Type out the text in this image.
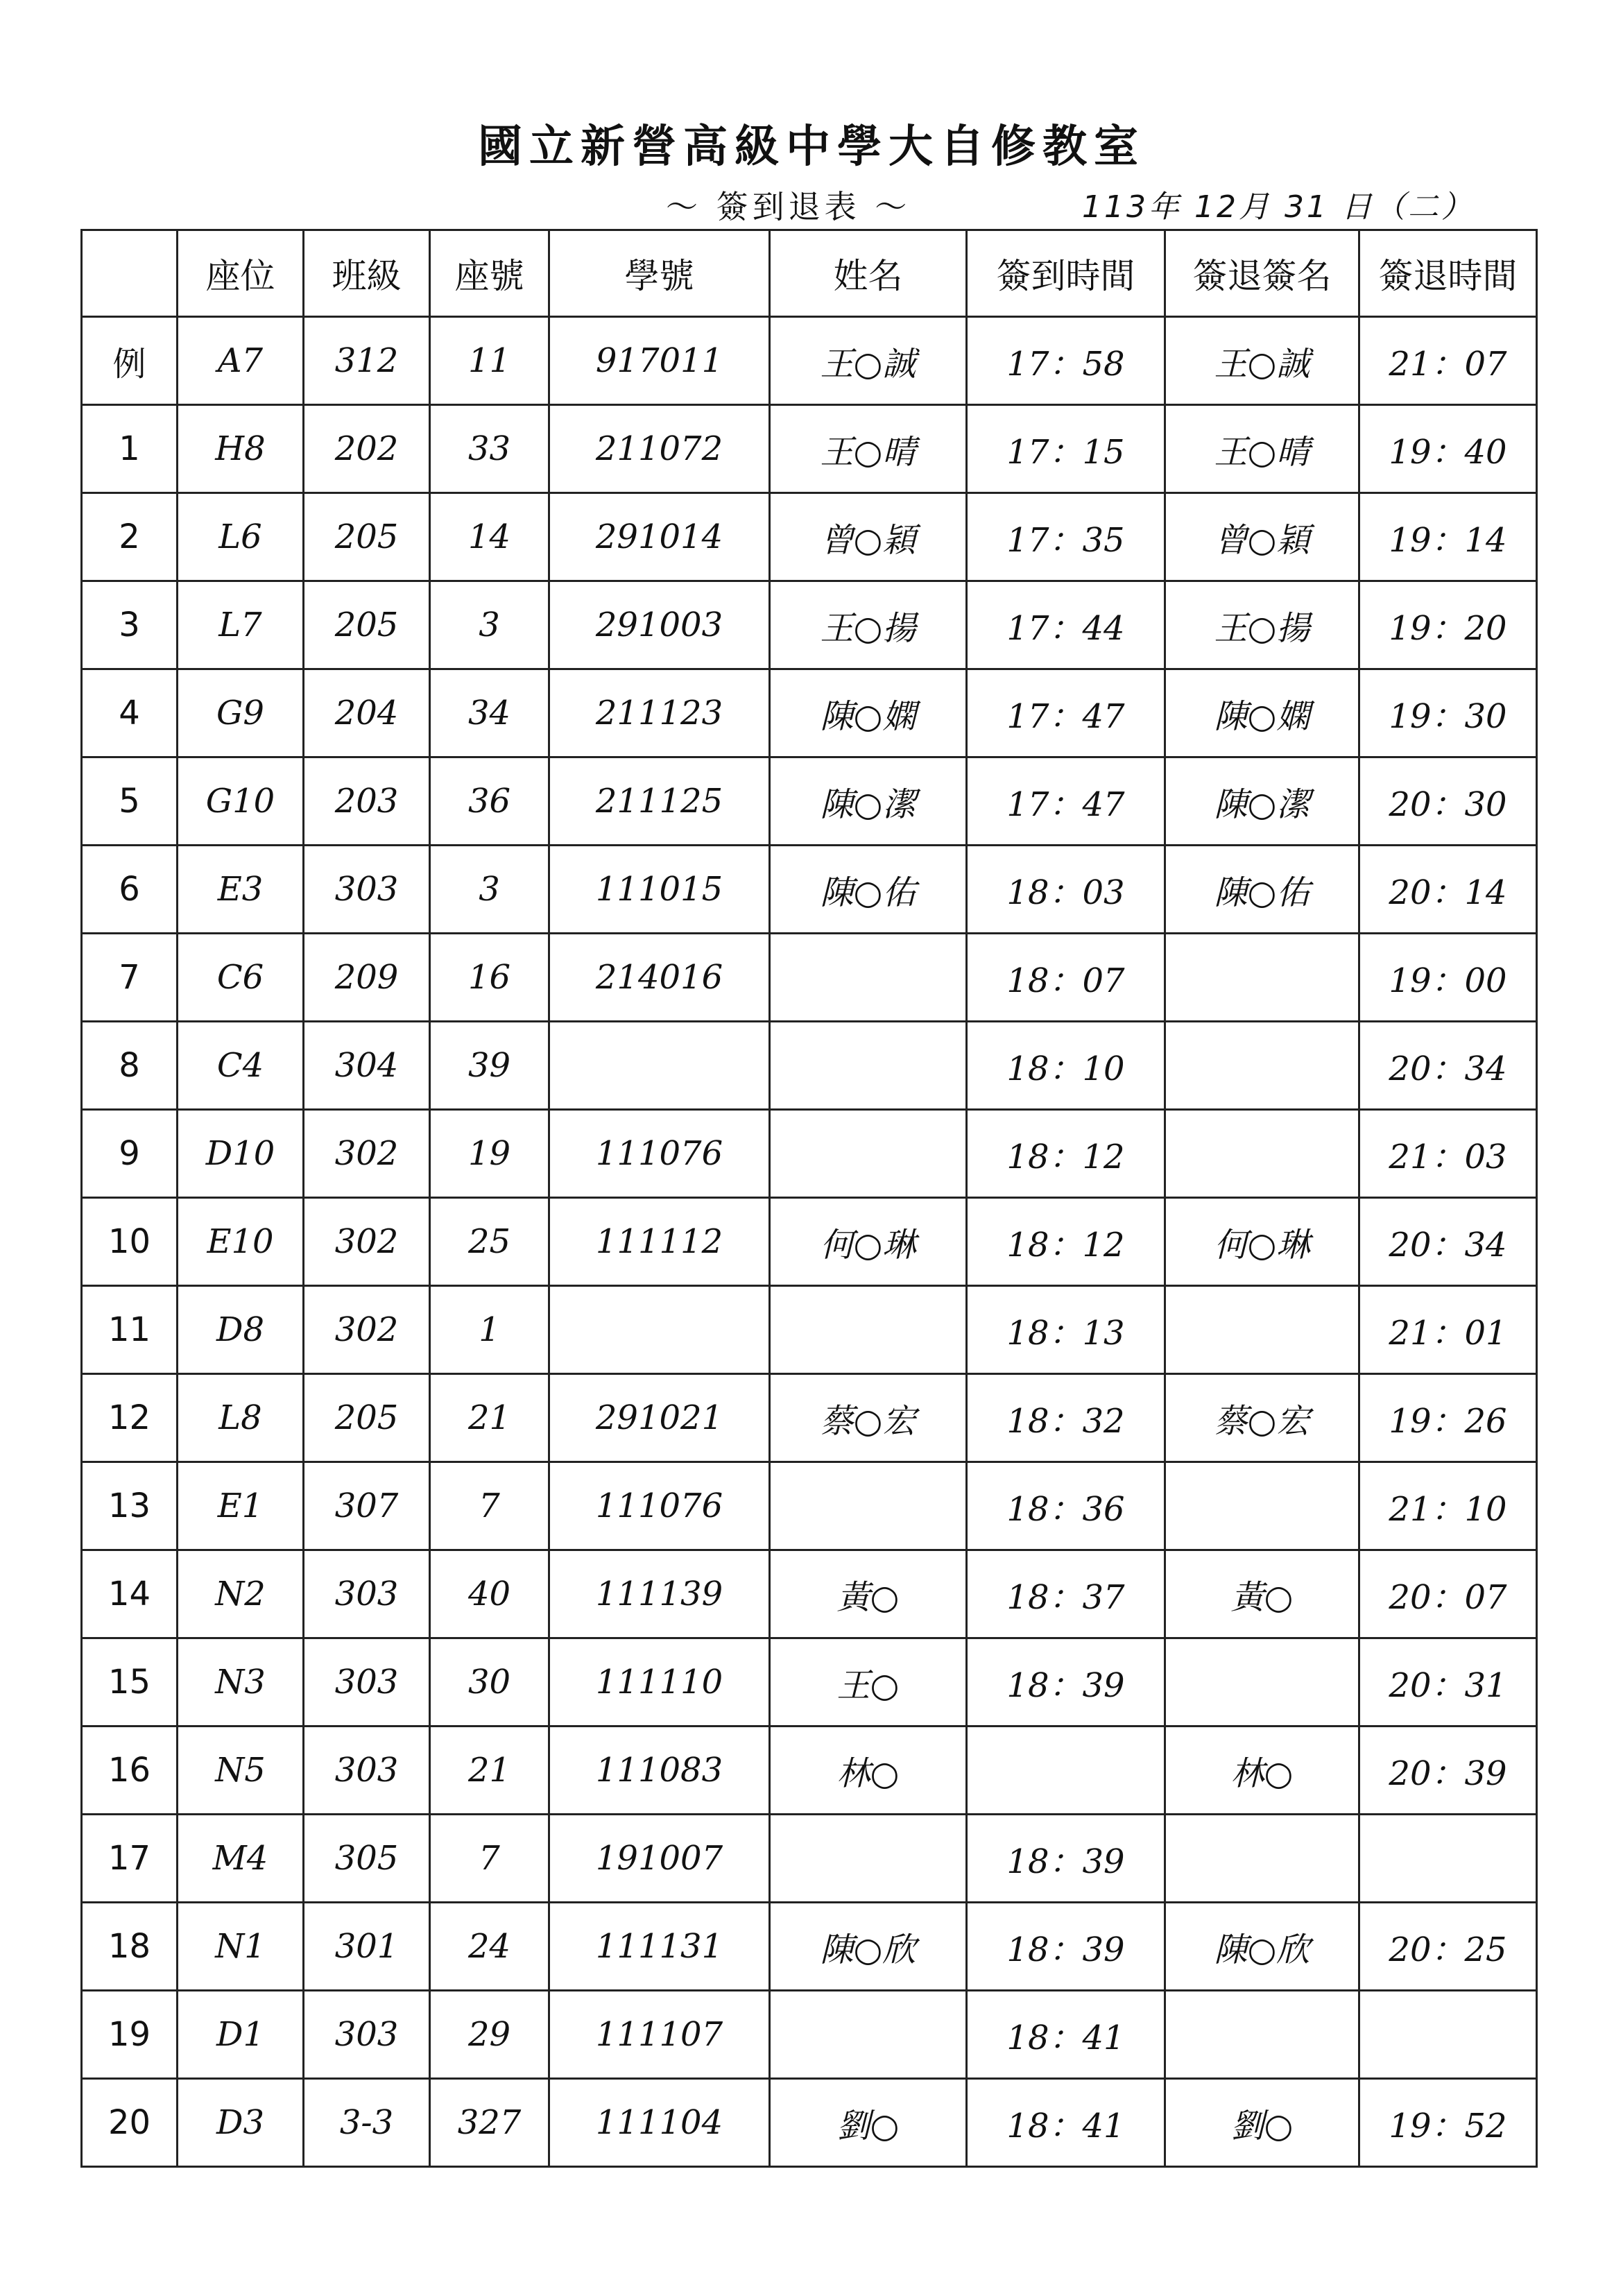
國立新營高級中學大自修教室
～ 簽到退表 ～	113年 12月 31 日（二）
	座位	班級	座號	學號	姓名	簽到時間	簽退簽名	簽退時間
例	A7	312	11	917011	王○誠	17：58	王○誠	21：07
1	H8	202	33	211072	王○晴	17：15	王○晴	19：40
2	L6	205	14	291014	曾○穎	17：35	曾○穎	19：14
3	L7	205	3	291003	王○揚	17：44	王○揚	19：20
4	G9	204	34	211123	陳○嫻	17：47	陳○嫻	19：30
5	G10	203	36	211125	陳○潔	17：47	陳○潔	20：30
6	E3	303	3	111015	陳○佑	18：03	陳○佑	20：14
7	C6	209	16	214016		18：07		19：00
8	C4	304	39			18：10		20：34
9	D10	302	19	111076		18：12		21：03
10	E10	302	25	111112	何○琳	18：12	何○琳	20：34
11	D8	302	1			18：13		21：01
12	L8	205	21	291021	蔡○宏	18：32	蔡○宏	19：26
13	E1	307	7	111076		18：36		21：10
14	N2	303	40	111139	黃○	18：37	黃○	20：07
15	N3	303	30	111110	王○	18：39		20：31
16	N5	303	21	111083	林○		林○	20：39
17	M4	305	7	191007		18：39		
18	N1	301	24	111131	陳○欣	18：39	陳○欣	20：25
19	D1	303	29	111107		18：41		
20	D3	3-3	327	111104	劉○	18：41	劉○	19：52
